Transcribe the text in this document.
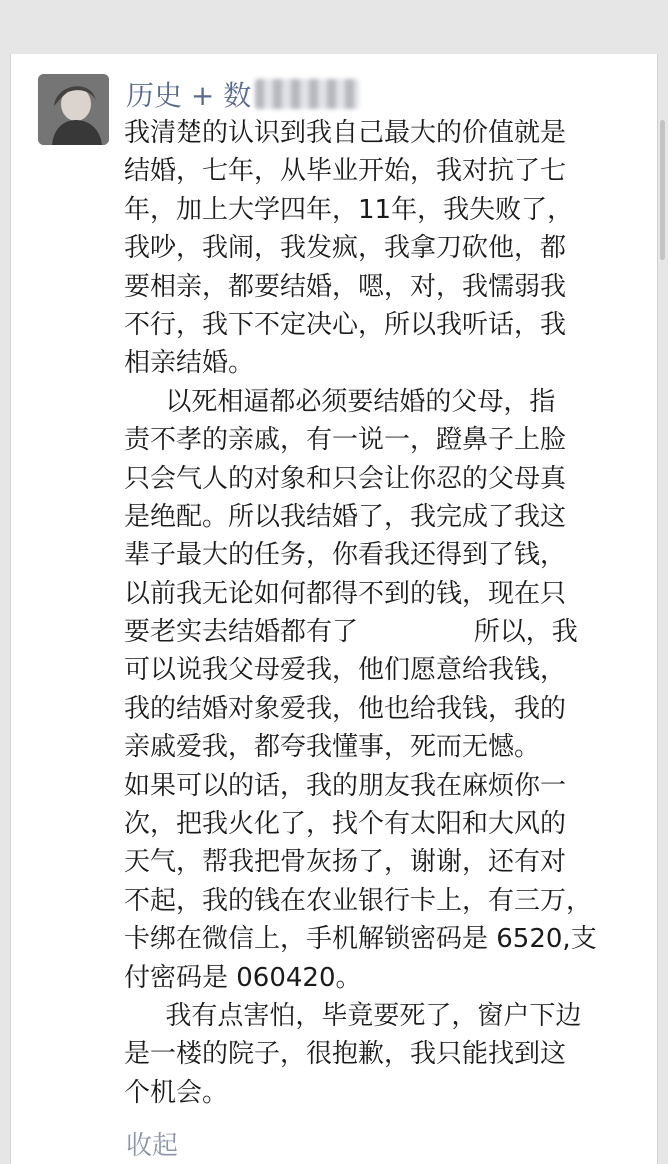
历史 + 数
我清楚的认识到我自己最大的价值就是
结婚，七年，从毕业开始，我对抗了七
年，加上大学四年，11年，我失败了，
我吵，我闹，我发疯，我拿刀砍他，都
要相亲，都要结婚，嗯，对，我懦弱我
不行，我下不定决心，所以我听话，我
相亲结婚。
以死相逼都必须要结婚的父母，指
责不孝的亲戚，有一说一，蹬鼻子上脸
只会气人的对象和只会让你忍的父母真
是绝配。所以我结婚了，我完成了我这
辈子最大的任务，你看我还得到了钱，
以前我无论如何都得不到的钱，现在只
要老实去结婚都有了              所以，我
可以说我父母爱我，他们愿意给我钱，
我的结婚对象爱我，他也给我钱，我的
亲戚爱我，都夸我懂事，死而无憾。
如果可以的话，我的朋友我在麻烦你一
次，把我火化了，找个有太阳和大风的
天气，帮我把骨灰扬了，谢谢，还有对
不起，我的钱在农业银行卡上，有三万，
卡绑在微信上，手机解锁密码是 6520,支
付密码是 060420。
我有点害怕，毕竟要死了，窗户下边
是一楼的院子，很抱歉，我只能找到这
个机会。
收起
